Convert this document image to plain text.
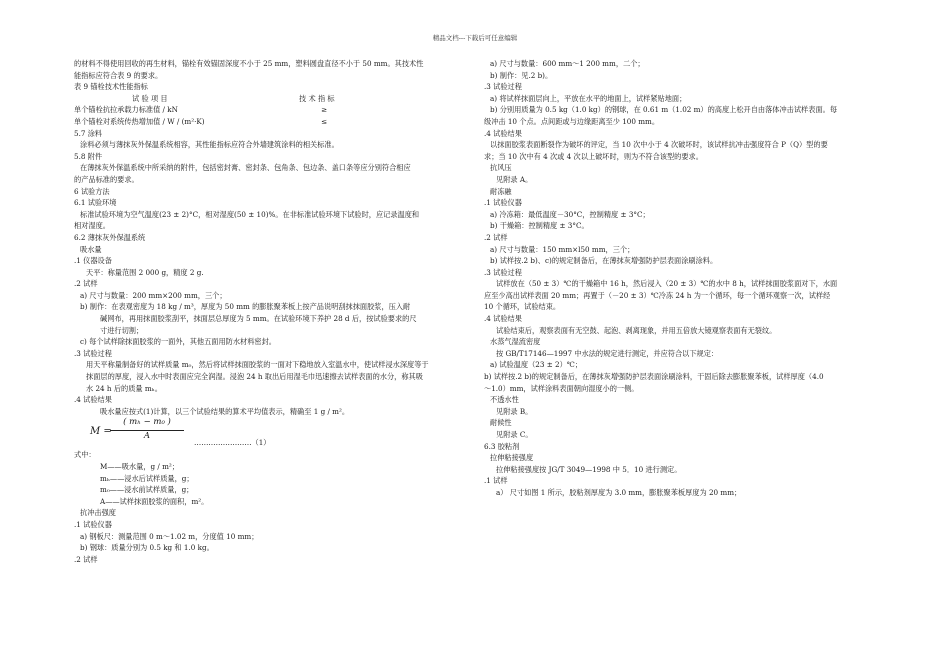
精品文档---下载后可任意编辑
的材料不得使用回收的再生材料，锚栓有效锚固深度不小于 25 mm，塑料圆盘直径不小于 50 mm。其技术性
能指标应符合表 9 的要求。
表 9 锚栓技术性能指标
试 验 项 目	技 术 指 标
单个锚栓抗拉承载力标准值 / kN	≥
单个锚栓对系统传热增加值 / W / (m²·K)	≤
5.7 涂料
涂料必须与薄抹灰外保温系统相容，其性能指标应符合外墙建筑涂料的相关标准。
5.8 附件
在薄抹灰外保温系统中所采纳的附件，包括密封膏、密封条、包角条、包边条、盖口条等应分别符合相应
的产品标准的要求。
6 试验方法
6.1 试验环境
标准试验环境为空气温度(23 ± 2)°C，相对湿度(50 ± 10)%。在非标准试验环境下试验时，应记录温度和
相对湿度。
6.2 薄抹灰外保温系统
吸水量
.1 仪器设备
天平：称量范围 2 000 g，精度 2 g.
.2 试样
a) 尺寸与数量：200 mm×200 mm，三个；
b) 制作：在表观密度为 18 kg / m³，厚度为 50 mm 的膨胀聚苯板上按产品说明刮抹抹面胶浆，压入耐
碱网布，再用抹面胶浆刮平，抹面层总厚度为 5 mm。在试验环境下养护 28 d 后，按试验要求的尺
寸进行切割；
c) 每个试样除抹面胶浆的一面外，其他五面用防水材料密封。
.3 试验过程
用天平称量制备好的试样质量 m₀，然后将试样抹面胶浆的一面对下稳地放入室温水中，使试样浸水深度等于
抹面层的厚度，浸入水中时表面应完全润湿。浸泡 24 h 取出后用湿毛巾迅速擦去试样表面的水分，称其吸
水 24 h 后的质量 mₕ。
.4 试验结果
吸水量应按式(1)计算，以三个试验结果的算术平均值表示，精确至 1 g / m²。
M =
$\frac{\text{( mₕ − m₀ )}}{A}$
……………………（1）
式中：
M——吸水量，g / m²；
mₕ——浸水后试样质量，g；
m₀——浸水前试样质量，g；
A——试样抹面胶浆的面积，m²。
抗冲击强度
.1 试验仪器
a) 钢板尺：测量范围 0 m～1.02 m，分度值 10 mm；
b) 钢球：质量分别为 0.5 kg 和 1.0 kg。
.2 试样
a) 尺寸与数量：600 mm～1 200 mm，二个；
b) 制作：见.2 b)。
.3 试验过程
a) 将试样抹面层向上，平放在水平的地面上，试样紧贴地面；
b) 分别用质量为 0.5 kg（1.0 kg）的钢球，在 0.61 m（1.02 m）的高度上松开自由落体冲击试样表面。每
级冲击 10 个点。点间距或与边缘距离至少 100 mm。
.4 试验结果
以抹面胶浆表面断裂作为破坏的评定，当 10 次中小于 4 次破坏时，该试样抗冲击强度符合 P（Q）型的要
求；当 10 次中有 4 次或 4 次以上破坏时，则为不符合该型的要求。
抗风压
见附录 A。
耐冻融
.1 试验仪器
a) 冷冻箱：最低温度－30°C，控制精度 ± 3°C；
b) 干燥箱：控制精度 ± 3°C。
.2 试样
a) 尺寸与数量：150 mm×l50 mm，三个；
b) 试样按.2 b)、c)的规定制备后，在薄抹灰增强防护层表面涂刷涂料。
.3 试验过程
试样放在（50 ± 3）℃的干燥箱中 16 h，然后浸入（20 ± 3）℃的水中 8 h，试样抹面胶浆面对下，水面
应至少高出试样表面 20 mm；再置于（－20 ± 3）℃冷冻 24 h 为一个循环，每一个循环观察一次，试样经
10 个循环，试验结束。
.4 试验结果
试验结束后，观察表面有无空鼓、起泡、剥离现象，并用五倍放大镜观察表面有无裂纹。
水蒸气湿流密度
按 GB/T17146—1997 中水法的规定进行测定，并应符合以下规定：
a) 试验温度（23 ± 2）℃；
b) 试样按.2 b)的规定制备后，在薄抹灰增强防护层表面涂刷涂料，干固后除去膨胀聚苯板，试样厚度（4.0
～1.0）mm，试样涂料表面朝向湿度小的一侧。
不透水性
见附录 B。
耐候性
见附录 C。
6.3 胶粘剂
拉伸粘接强度
拉伸粘接强度按 JG/T 3049—1998 中 5．10 进行测定。
.1 试样
a） 尺寸如图 1 所示，胶粘剂厚度为 3.0 mm，膨胀聚苯板厚度为 20 mm；
